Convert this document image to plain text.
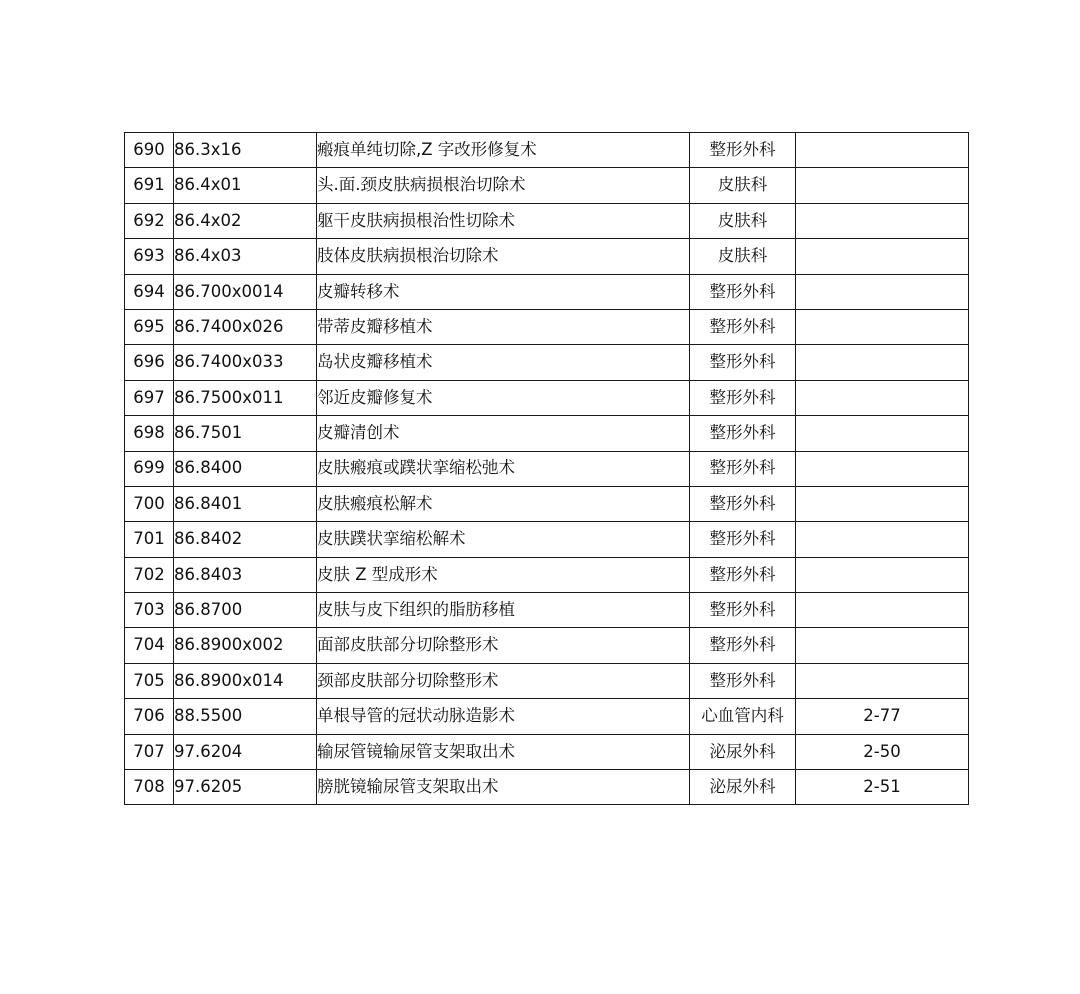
690	86.3x16	瘢痕单纯切除,Z 字改形修复术	整形外科	
691	86.4x01	头.面.颈皮肤病损根治切除术	皮肤科	
692	86.4x02	躯干皮肤病损根治性切除术	皮肤科	
693	86.4x03	肢体皮肤病损根治切除术	皮肤科	
694	86.700x0014	皮瓣转移术	整形外科	
695	86.7400x026	带蒂皮瓣移植术	整形外科	
696	86.7400x033	岛状皮瓣移植术	整形外科	
697	86.7500x011	邻近皮瓣修复术	整形外科	
698	86.7501	皮瓣清创术	整形外科	
699	86.8400	皮肤瘢痕或蹼状挛缩松弛术	整形外科	
700	86.8401	皮肤瘢痕松解术	整形外科	
701	86.8402	皮肤蹼状挛缩松解术	整形外科	
702	86.8403	皮肤 Z 型成形术	整形外科	
703	86.8700	皮肤与皮下组织的脂肪移植	整形外科	
704	86.8900x002	面部皮肤部分切除整形术	整形外科	
705	86.8900x014	颈部皮肤部分切除整形术	整形外科	
706	88.5500	单根导管的冠状动脉造影术	心血管内科	2-77
707	97.6204	输尿管镜输尿管支架取出术	泌尿外科	2-50
708	97.6205	膀胱镜输尿管支架取出术	泌尿外科	2-51
